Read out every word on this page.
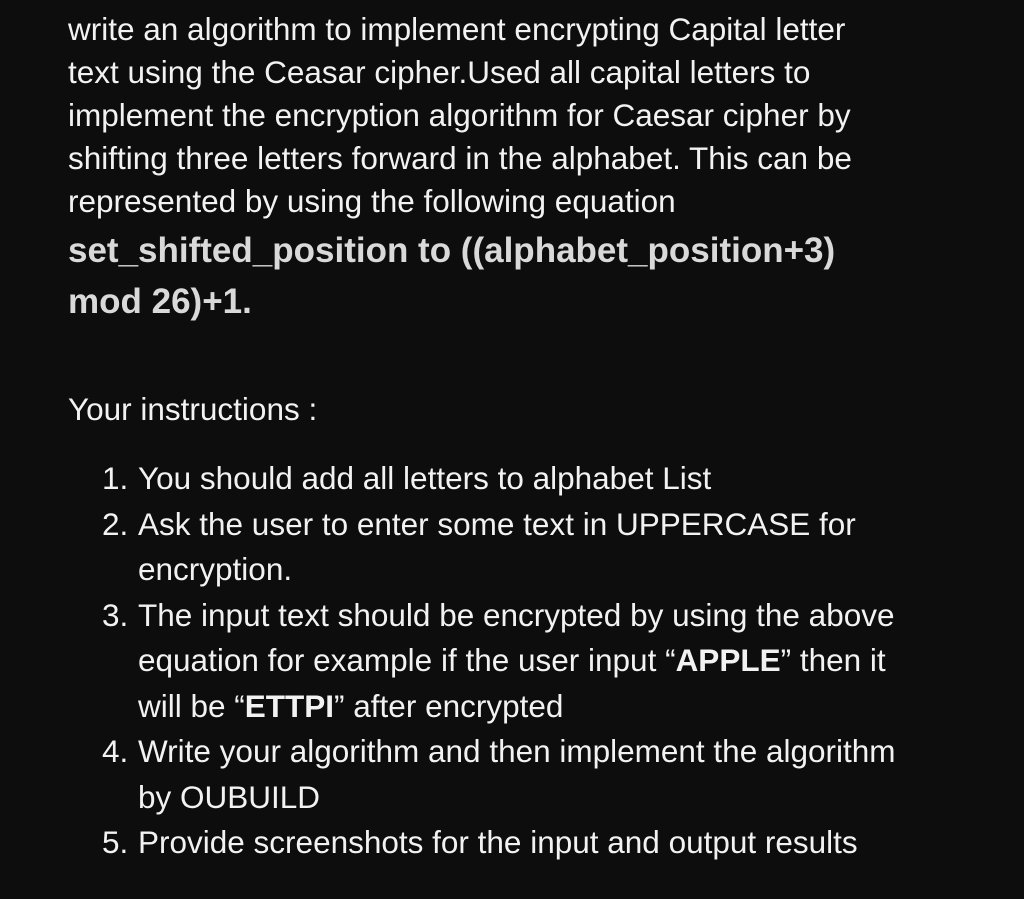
write an algorithm to implement encrypting Capital letter
text using the Ceasar cipher.Used all capital letters to
implement the encryption algorithm for Caesar cipher by
shifting three letters forward in the alphabet. This can be
represented by using the following equation

set_shifted_position to ((alphabet_position+3)
mod 26)+1.

Your instructions :

1. You should add all letters to alphabet List
2. Ask the user to enter some text in UPPERCASE for
encryption.
3. The input text should be encrypted by using the above
equation for example if the user input “APPLE” then it
will be “ETTPI” after encrypted
4. Write your algorithm and then implement the algorithm
by OUBUILD
5. Provide screenshots for the input and output results
